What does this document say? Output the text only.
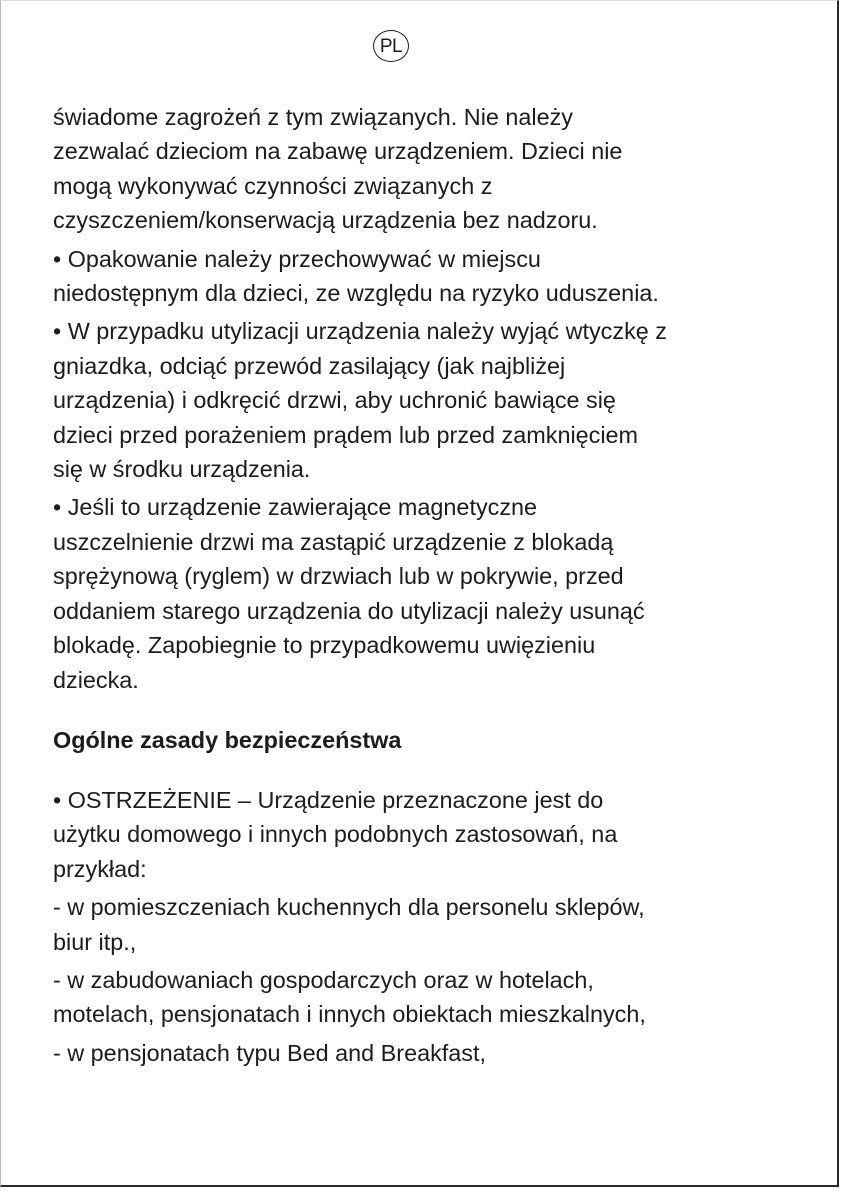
PL

świadome zagrożeń z tym związanych. Nie należy
zezwalać dzieciom na zabawę urządzeniem. Dzieci nie
mogą wykonywać czynności związanych z
czyszczeniem/konserwacją urządzenia bez nadzoru.

• Opakowanie należy przechowywać w miejscu
niedostępnym dla dzieci, ze względu na ryzyko uduszenia.

• W przypadku utylizacji urządzenia należy wyjąć wtyczkę z
gniazdka, odciąć przewód zasilający (jak najbliżej
urządzenia) i odkręcić drzwi, aby uchronić bawiące się
dzieci przed porażeniem prądem lub przed zamknięciem
się w środku urządzenia.

• Jeśli to urządzenie zawierające magnetyczne
uszczelnienie drzwi ma zastąpić urządzenie z blokadą
sprężynową (ryglem) w drzwiach lub w pokrywie, przed
oddaniem starego urządzenia do utylizacji należy usunąć
blokadę. Zapobiegnie to przypadkowemu uwięzieniu
dziecka.

Ogólne zasady bezpieczeństwa

• OSTRZEŻENIE – Urządzenie przeznaczone jest do
użytku domowego i innych podobnych zastosowań, na
przykład:

- w pomieszczeniach kuchennych dla personelu sklepów,
biur itp.,

- w zabudowaniach gospodarczych oraz w hotelach,
motelach, pensjonatach i innych obiektach mieszkalnych,

- w pensjonatach typu Bed and Breakfast,
